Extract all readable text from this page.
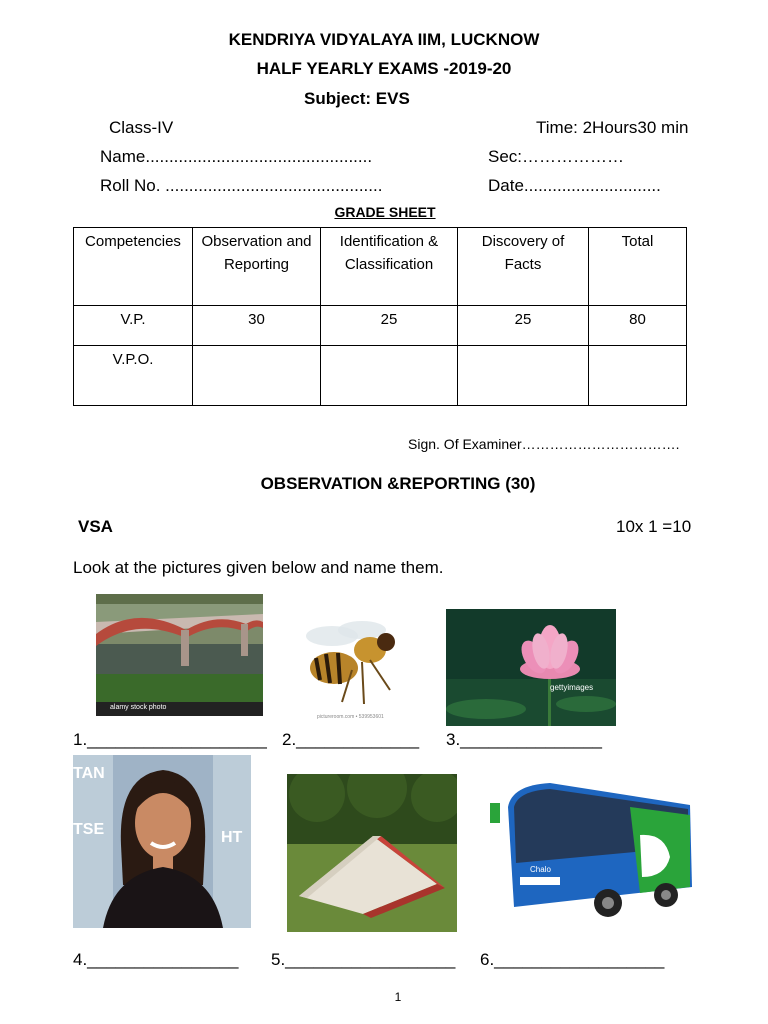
KENDRIYA VIDYALAYA IIM, LUCKNOW
HALF YEARLY EXAMS -2019-20
Subject: EVS
Class-IV	Time: 2Hours30 min
Name................................................	Sec:………………
Roll No. ..............................................	Date.............................
GRADE SHEET
Competencies	Observation and Reporting	Identification & Classification	Discovery of Facts	Total
V.P.	30	25	25	80
V.P.O.				
Sign. Of Examiner…………………………….
OBSERVATION &REPORTING (30)
VSA	10x 1 =10
Look at the pictures given below and name them.
alamy stock photo
pictureroom.com • 539953601
gettyimages
1.___________________ 2._____________ 3._______________
TAN
TSE	HT
Chalo
4.________________ 5.__________________ 6.__________________
1
